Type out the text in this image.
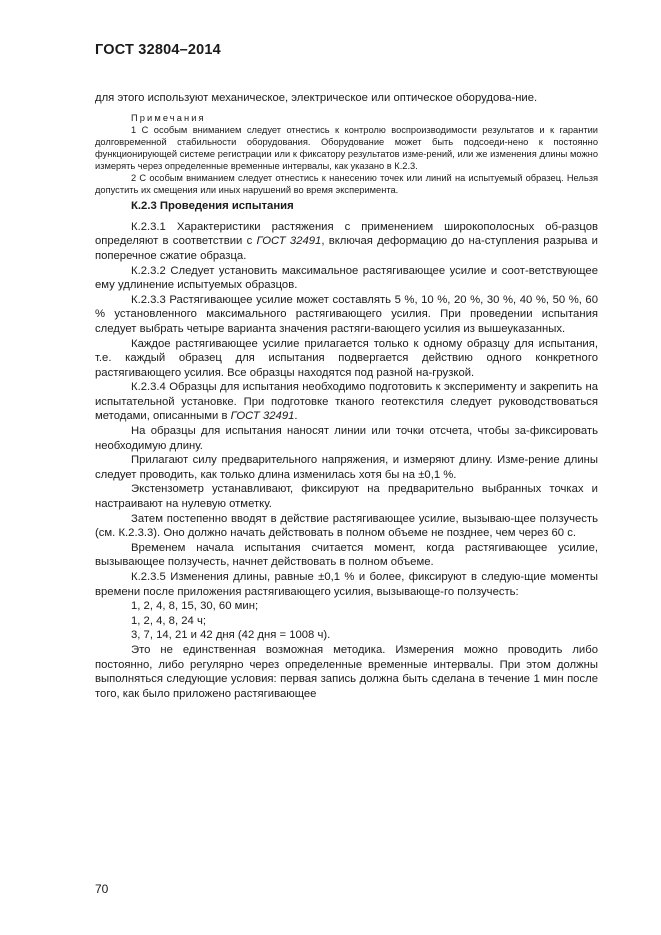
ГОСТ 32804–2014

для этого используют механическое, электрическое или оптическое оборудова-ние.

Примечания

1 С особым вниманием следует отнестись к контролю воспроизводимости результатов и к гарантии долговременной стабильности оборудования. Оборудование может быть подсоеди-нено к постоянно функционирующей системе регистрации или к фиксатору результатов изме-рений, или же изменения длины можно измерять через определенные временные интервалы, как указано в К.2.3.

2 С особым вниманием следует отнестись к нанесению точек или линий на испытуемый образец. Нельзя допустить их смещения или иных нарушений во время эксперимента.

К.2.3 Проведения испытания

К.2.3.1 Характеристики растяжения с применением широкополосных об-разцов определяют в соответствии с ГОСТ 32491, включая деформацию до на-ступления разрыва и поперечное сжатие образца.

К.2.3.2 Следует установить максимальное растягивающее усилие и соот-ветствующее ему удлинение испытуемых образцов.

К.2.3.3 Растягивающее усилие может составлять 5 %, 10 %, 20 %, 30 %, 40 %, 50 %, 60 % установленного максимального растягивающего усилия. При проведении испытания следует выбрать четыре варианта значения растяги-вающего усилия из вышеуказанных.

Каждое растягивающее усилие прилагается только к одному образцу для испытания, т.е. каждый образец для испытания подвергается действию одного конкретного растягивающего усилия. Все образцы находятся под разной на-грузкой.

К.2.3.4 Образцы для испытания необходимо подготовить к эксперименту и закрепить на испытательной установке. При подготовке тканого геотекстиля следует руководствоваться методами, описанными в ГОСТ 32491.

На образцы для испытания наносят линии или точки отсчета, чтобы за-фиксировать необходимую длину.

Прилагают силу предварительного напряжения, и измеряют длину. Изме-рение длины следует проводить, как только длина изменилась хотя бы на ±0,1 %.

Экстензометр устанавливают, фиксируют на предварительно выбранных точках и настраивают на нулевую отметку.

Затем постепенно вводят в действие растягивающее усилие, вызываю-щее ползучесть (см. К.2.3.3). Оно должно начать действовать в полном объеме не позднее, чем через 60 с.

Временем начала испытания считается момент, когда растягивающее усилие, вызывающее ползучесть, начнет действовать в полном объеме.

К.2.3.5 Изменения длины, равные ±0,1 % и более, фиксируют в следую-щие моменты времени после приложения растягивающего усилия, вызывающе-го ползучесть:

1, 2, 4, 8, 15, 30, 60 мин;

1, 2, 4, 8, 24 ч;

3, 7, 14, 21 и 42 дня (42 дня = 1008 ч).

Это не единственная возможная методика. Измерения можно проводить либо постоянно, либо регулярно через определенные временные интервалы. При этом должны выполняться следующие условия: первая запись должна быть сделана в течение 1 мин после того, как было приложено растягивающее

70
